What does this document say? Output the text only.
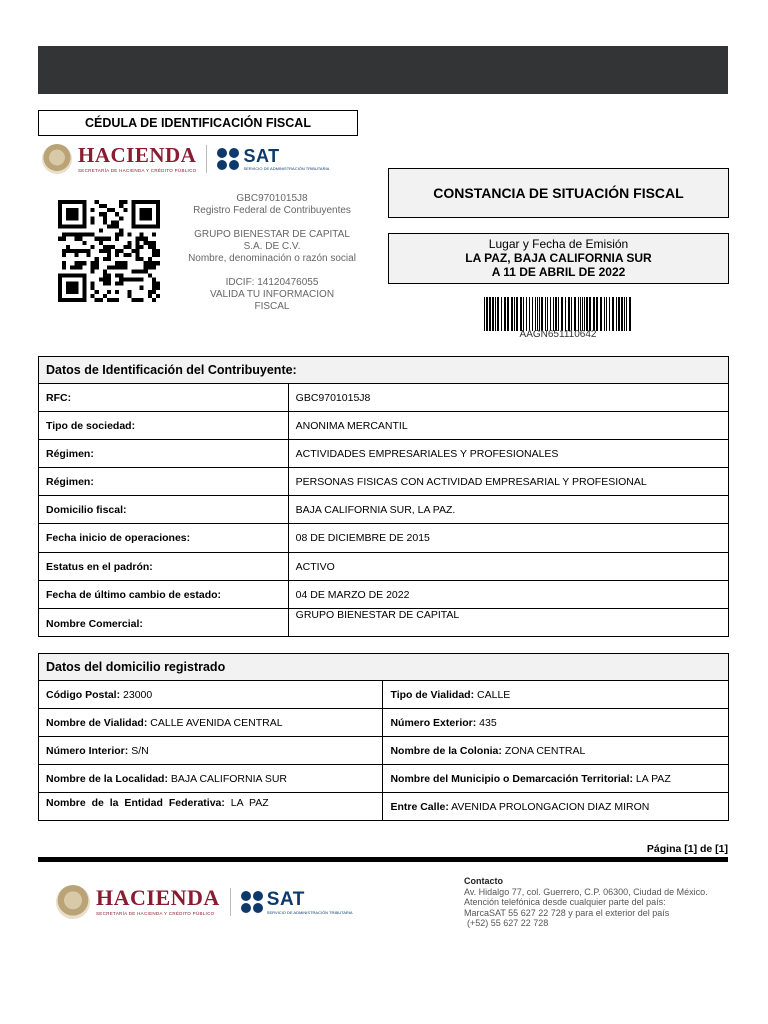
CÉDULA DE IDENTIFICACIÓN FISCAL
HACIENDA
SECRETARÍA DE HACIENDA Y CRÉDITO PÚBLICO
SAT
SERVICIO DE ADMINISTRACIÓN TRIBUTARIA

GBC9701015J8

Registro Federal de Contribuyentes

GRUPO BIENESTAR DE CAPITAL S.A. DE C.V.

Nombre, denominación o razón social

IDCIF: 14120476055

VALIDA TU INFORMACION FISCAL

CONSTANCIA DE SITUACIÓN FISCAL
Lugar y Fecha de Emisión
LA PAZ, BAJA CALIFORNIA SUR
A 11 DE ABRIL DE 2022
AAGN651110642
Datos de Identificación del Contribuyente:	
RFC:	GBC9701015J8
Tipo de sociedad:	ANONIMA MERCANTIL
Régimen:	ACTIVIDADES EMPRESARIALES Y PROFESIONALES
Régimen:	PERSONAS FISICAS CON ACTIVIDAD EMPRESARIAL Y PROFESIONAL
Domicilio fiscal:	BAJA CALIFORNIA SUR, LA PAZ.
Fecha inicio de operaciones:	08 DE DICIEMBRE DE 2015
Estatus en el padrón:	ACTIVO
Fecha de último cambio de estado:	04 DE MARZO DE 2022
Nombre Comercial:	GRUPO BIENESTAR DE CAPITAL
Datos del domicilio registrado	
Código Postal: 23000	Tipo de Vialidad: CALLE
Nombre de Vialidad: CALLE AVENIDA CENTRAL	Número Exterior: 435
Número Interior: S/N	Nombre de la Colonia: ZONA CENTRAL
Nombre de la Localidad: BAJA CALIFORNIA SUR	Nombre del Municipio o Demarcación Territorial: LA PAZ
Nombre de la Entidad Federativa: LA PAZ	Entre Calle: AVENIDA PROLONGACION DIAZ MIRON
Página [1] de [1]
HACIENDA
SECRETARÍA DE HACIENDA Y CRÉDITO PÚBLICO
SAT
SERVICIO DE ADMINISTRACIÓN TRIBUTARIA
Contacto
Av. Hidalgo 77, col. Guerrero, C.P. 06300, Ciudad de México.
Atención telefónica desde cualquier parte del país:
MarcaSAT 55 627 22 728 y para el exterior del país
(+52) 55 627 22 728
